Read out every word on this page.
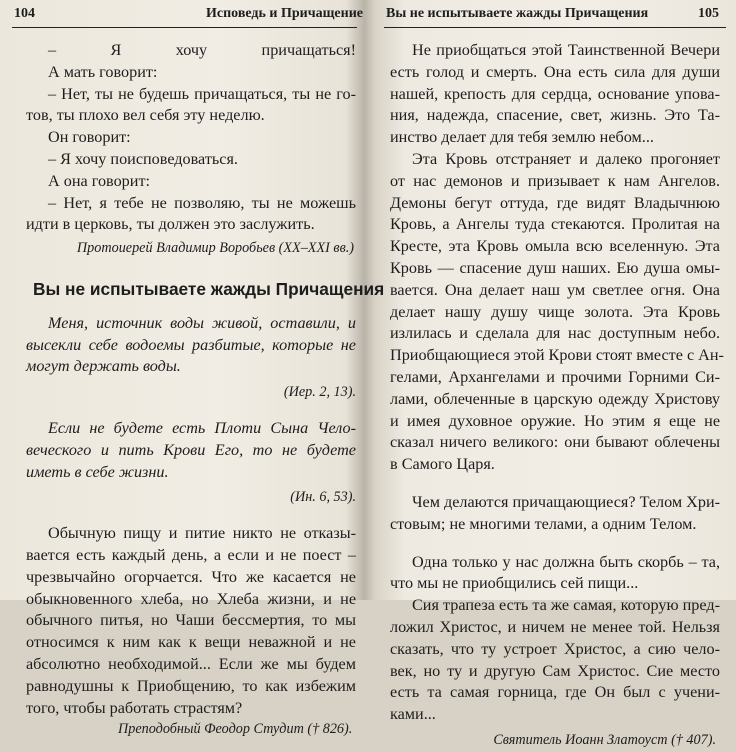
104	Исповедь и Причащение
– Я хочу причащаться!
А мать говорит:
– Нет, ты не будешь причащаться, ты не го-
тов, ты плохо вел себя эту неделю.
Он говорит:
– Я хочу поисповедоваться.
А она говорит:
– Нет, я тебе не позволяю, ты не можешь
идти в церковь, ты должен это заслужить.
Протоиерей Владимир Воробьев (XX–XXI вв.)
Вы не испытываете жажды Причащения
Меня, источник воды живой, оставили, и
высекли себе водоемы разбитые, которые не
могут держать воды.
(Иер. 2, 13).
Если не будете есть Плоти Сына Чело-
веческого и пить Крови Его, то не будете
иметь в себе жизни.
(Ин. 6, 53).
Обычную пищу и питие никто не отказы-
вается есть каждый день, а если и не поест –
чрезвычайно огорчается. Что же касается не
обыкновенного хлеба, но Хлеба жизни, и не
обычного питья, но Чаши бессмертия, то мы
относимся к ним как к вещи неважной и не
абсолютно необходимой... Если же мы будем
равнодушны к Приобщению, то как избежим
того, чтобы работать страстям?
Преподобный Феодор Студит († 826).
Вы не испытываете жажды Причащения	105
Не приобщаться этой Таинственной Вечери
есть голод и смерть. Она есть сила для души
нашей, крепость для сердца, основание упова-
ния, надежда, спасение, свет, жизнь. Это Та-
инство делает для тебя землю небом...
Эта Кровь отстраняет и далеко прогоняет
от нас демонов и призывает к нам Ангелов.
Демоны бегут оттуда, где видят Владычнюю
Кровь, а Ангелы туда стекаются. Пролитая на
Кресте, эта Кровь омыла всю вселенную. Эта
Кровь — спасение душ наших. Ею душа омы-
вается. Она делает наш ум светлее огня. Она
делает нашу душу чище золота. Эта Кровь
излилась и сделала для нас доступным небо.
Приобщающиеся этой Крови стоят вместе с Ан-
гелами, Архангелами и прочими Горними Си-
лами, облеченные в царскую одежду Христову
и имея духовное оружие. Но этим я еще не
сказал ничего великого: они бывают облечены
в Самого Царя.
Чем делаются причащающиеся? Телом Хри-
стовым; не многими телами, а одним Телом.
Одна только у нас должна быть скорбь – та,
что мы не приобщились сей пищи...
Сия трапеза есть та же самая, которую пред-
ложил Христос, и ничем не менее той. Нельзя
сказать, что ту устроет Христос, а сию чело-
век, но ту и другую Сам Христос. Сие место
есть та самая горница, где Он был с учени-
ками...
Святитель Иоанн Златоуст († 407).
